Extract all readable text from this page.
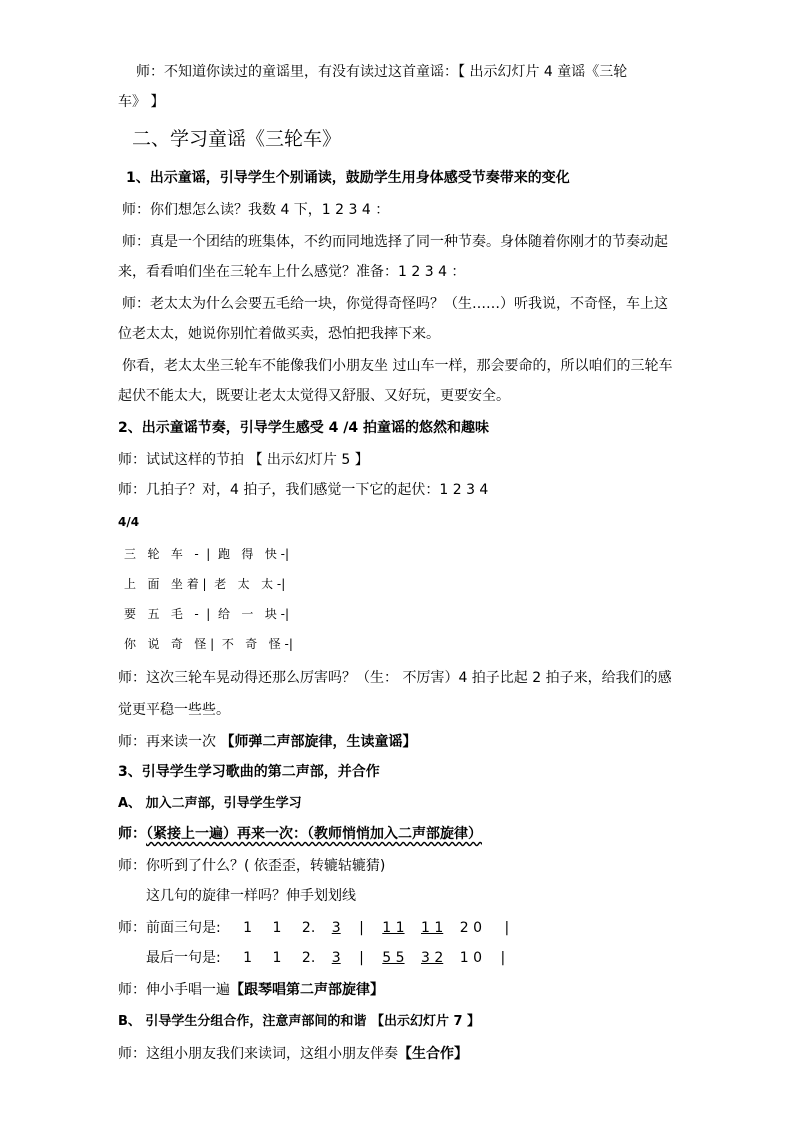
师：不知道你读过的童谣里，有没有读过这首童谣：【 出示幻灯片 4 童谣《三轮
车》 】
二、学习童谣《三轮车》
1、出示童谣，引导学生个别诵读，鼓励学生用身体感受节奏带来的变化
师：你们想怎么读？我数 4 下，1 2 3 4 ：
师：真是一个团结的班集体，不约而同地选择了同一种节奏。身体随着你刚才的节奏动起
来，看看咱们坐在三轮车上什么感觉？准备：1 2 3 4 ：
师：老太太为什么会要五毛给一块，你觉得奇怪吗？（生……）听我说，不奇怪，车上这
位老太太，她说你别忙着做买卖，恐怕把我摔下来。
你看，老太太坐三轮车不能像我们小朋友坐 过山车一样，那会要命的，所以咱们的三轮车
起伏不能太大，既要让老太太觉得又舒服、又好玩，更要安全。
2、出示童谣节奏，引导学生感受 4 /4 拍童谣的悠然和趣味
师：试试这样的节拍 【 出示幻灯片 5 】
师：几拍子？对，4 拍子，我们感觉一下它的起伏：1 2 3 4
4/4
三   轮   车   -  |  跑   得   快 -|
上   面   坐 着 |  老   太   太 -|
要   五   毛   -  |  给   一   块 -|
你   说   奇   怪 |  不   奇   怪 -|
师：这次三轮车晃动得还那么厉害吗？（生： 不厉害）4 拍子比起 2 拍子来，给我们的感
觉更平稳一些些。
师：再来读一次 【师弹二声部旋律，生读童谣】
3、引导学生学习歌曲的第二声部，并合作
A、 加入二声部，引导学生学习
师：（紧接上一遍）再来一次：（教师悄悄加入二声部旋律）
师：你听到了什么？( 依歪歪，转辘轱辘猜)
这几句的旋律一样吗？伸手划划线
师：前面三句是: 1 1 2. 3 | 1 1 1 1 2 0 |
最后一句是: 1 1 2. 3 | 5 5 3 2 1 0 |
师：伸小手唱一遍【跟琴唱第二声部旋律】
B、 引导学生分组合作，注意声部间的和谐 【出示幻灯片 7 】
师：这组小朋友我们来读词，这组小朋友伴奏【生合作】
